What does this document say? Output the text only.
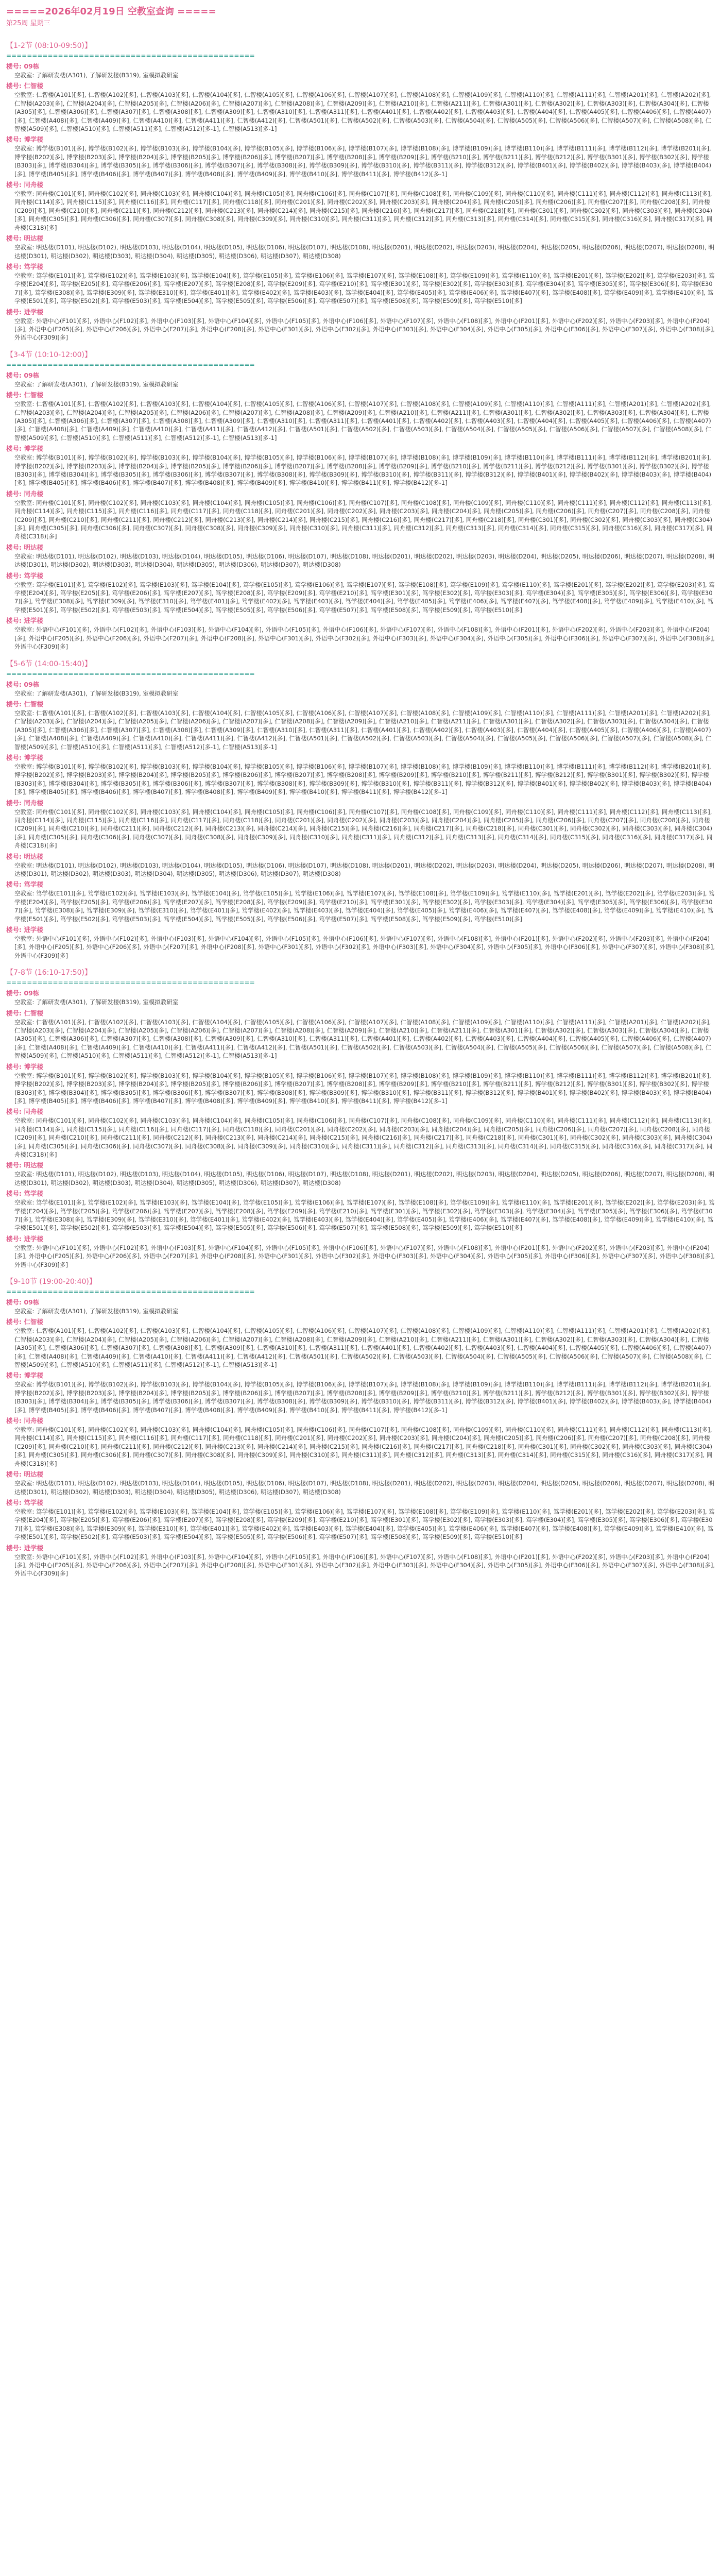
=====2026年02月19日 空教室查询 =====
第25周 星期三
【1-2节 (08:10-09:50)】
================================================
楼号: 09栋
空教室: 了解研发楼(A301), 了解研发楼(B319), 室模拟教研室
楼号: 仁智楼
空教室: 仁智楼(A101)[多], 仁智楼(A102)[多], 仁智楼(A103)[多], 仁智楼(A104)[多], 仁智楼(A105)[多], 仁智楼(A106)[多], 仁智楼(A107)[多], 仁智楼(A108)[多], 仁智楼(A109)[多], 仁智楼(A110)[多], 仁智楼(A111)[多], 仁智楼(A201)[多], 仁智楼(A202)[多], 仁智楼(A203)[多], 仁智楼(A204)[多], 仁智楼(A205)[多], 仁智楼(A206)[多], 仁智楼(A207)[多], 仁智楼(A208)[多], 仁智楼(A209)[多], 仁智楼(A210)[多], 仁智楼(A211)[多], 仁智楼(A301)[多], 仁智楼(A302)[多], 仁智楼(A303)[多], 仁智楼(A304)[多], 仁智楼(A305)[多], 仁智楼(A306)[多], 仁智楼(A307)[多], 仁智楼(A308)[多], 仁智楼(A309)[多], 仁智楼(A310)[多], 仁智楼(A311)[多], 仁智楼(A401)[多], 仁智楼(A402)[多], 仁智楼(A403)[多], 仁智楼(A404)[多], 仁智楼(A405)[多], 仁智楼(A406)[多], 仁智楼(A407)[多], 仁智楼(A408)[多], 仁智楼(A409)[多], 仁智楼(A410)[多], 仁智楼(A411)[多], 仁智楼(A412)[多], 仁智楼(A501)[多], 仁智楼(A502)[多], 仁智楼(A503)[多], 仁智楼(A504)[多], 仁智楼(A505)[多], 仁智楼(A506)[多], 仁智楼(A507)[多], 仁智楼(A508)[多], 仁智楼(A509)[多], 仁智楼(A510)[多], 仁智楼(A511)[多], 仁智楼(A512)[多-1], 仁智楼(A513)[多-1]
楼号: 博学楼
空教室: 博学楼(B101)[多], 博学楼(B102)[多], 博学楼(B103)[多], 博学楼(B104)[多], 博学楼(B105)[多], 博学楼(B106)[多], 博学楼(B107)[多], 博学楼(B108)[多], 博学楼(B109)[多], 博学楼(B110)[多], 博学楼(B111)[多], 博学楼(B112)[多], 博学楼(B201)[多], 博学楼(B202)[多], 博学楼(B203)[多], 博学楼(B204)[多], 博学楼(B205)[多], 博学楼(B206)[多], 博学楼(B207)[多], 博学楼(B208)[多], 博学楼(B209)[多], 博学楼(B210)[多], 博学楼(B211)[多], 博学楼(B212)[多], 博学楼(B301)[多], 博学楼(B302)[多], 博学楼(B303)[多], 博学楼(B304)[多], 博学楼(B305)[多], 博学楼(B306)[多], 博学楼(B307)[多], 博学楼(B308)[多], 博学楼(B309)[多], 博学楼(B310)[多], 博学楼(B311)[多], 博学楼(B312)[多], 博学楼(B401)[多], 博学楼(B402)[多], 博学楼(B403)[多], 博学楼(B404)[多], 博学楼(B405)[多], 博学楼(B406)[多], 博学楼(B407)[多], 博学楼(B408)[多], 博学楼(B409)[多], 博学楼(B410)[多], 博学楼(B411)[多], 博学楼(B412)[多-1]
楼号: 同舟楼
空教室: 同舟楼(C101)[多], 同舟楼(C102)[多], 同舟楼(C103)[多], 同舟楼(C104)[多], 同舟楼(C105)[多], 同舟楼(C106)[多], 同舟楼(C107)[多], 同舟楼(C108)[多], 同舟楼(C109)[多], 同舟楼(C110)[多], 同舟楼(C111)[多], 同舟楼(C112)[多], 同舟楼(C113)[多], 同舟楼(C114)[多], 同舟楼(C115)[多], 同舟楼(C116)[多], 同舟楼(C117)[多], 同舟楼(C118)[多], 同舟楼(C201)[多], 同舟楼(C202)[多], 同舟楼(C203)[多], 同舟楼(C204)[多], 同舟楼(C205)[多], 同舟楼(C206)[多], 同舟楼(C207)[多], 同舟楼(C208)[多], 同舟楼(C209)[多], 同舟楼(C210)[多], 同舟楼(C211)[多], 同舟楼(C212)[多], 同舟楼(C213)[多], 同舟楼(C214)[多], 同舟楼(C215)[多], 同舟楼(C216)[多], 同舟楼(C217)[多], 同舟楼(C218)[多], 同舟楼(C301)[多], 同舟楼(C302)[多], 同舟楼(C303)[多], 同舟楼(C304)[多], 同舟楼(C305)[多], 同舟楼(C306)[多], 同舟楼(C307)[多], 同舟楼(C308)[多], 同舟楼(C309)[多], 同舟楼(C310)[多], 同舟楼(C311)[多], 同舟楼(C312)[多], 同舟楼(C313)[多], 同舟楼(C314)[多], 同舟楼(C315)[多], 同舟楼(C316)[多], 同舟楼(C317)[多], 同舟楼(C318)[多]
楼号: 明达楼
空教室: 明达楼(D101), 明达楼(D102), 明达楼(D103), 明达楼(D104), 明达楼(D105), 明达楼(D106), 明达楼(D107), 明达楼(D108), 明达楼(D201), 明达楼(D202), 明达楼(D203), 明达楼(D204), 明达楼(D205), 明达楼(D206), 明达楼(D207), 明达楼(D208), 明达楼(D301), 明达楼(D302), 明达楼(D303), 明达楼(D304), 明达楼(D305), 明达楼(D306), 明达楼(D307), 明达楼(D308)
楼号: 笃学楼
空教室: 笃学楼(E101)[多], 笃学楼(E102)[多], 笃学楼(E103)[多], 笃学楼(E104)[多], 笃学楼(E105)[多], 笃学楼(E106)[多], 笃学楼(E107)[多], 笃学楼(E108)[多], 笃学楼(E109)[多], 笃学楼(E110)[多], 笃学楼(E201)[多], 笃学楼(E202)[多], 笃学楼(E203)[多], 笃学楼(E204)[多], 笃学楼(E205)[多], 笃学楼(E206)[多], 笃学楼(E207)[多], 笃学楼(E208)[多], 笃学楼(E209)[多], 笃学楼(E210)[多], 笃学楼(E301)[多], 笃学楼(E302)[多], 笃学楼(E303)[多], 笃学楼(E304)[多], 笃学楼(E305)[多], 笃学楼(E306)[多], 笃学楼(E307)[多], 笃学楼(E308)[多], 笃学楼(E309)[多], 笃学楼(E310)[多], 笃学楼(E401)[多], 笃学楼(E402)[多], 笃学楼(E403)[多], 笃学楼(E404)[多], 笃学楼(E405)[多], 笃学楼(E406)[多], 笃学楼(E407)[多], 笃学楼(E408)[多], 笃学楼(E409)[多], 笃学楼(E410)[多], 笃学楼(E501)[多], 笃学楼(E502)[多], 笃学楼(E503)[多], 笃学楼(E504)[多], 笃学楼(E505)[多], 笃学楼(E506)[多], 笃学楼(E507)[多], 笃学楼(E508)[多], 笃学楼(E509)[多], 笃学楼(E510)[多]
楼号: 进学楼
空教室: 外语中心(F101)[多], 外语中心(F102)[多], 外语中心(F103)[多], 外语中心(F104)[多], 外语中心(F105)[多], 外语中心(F106)[多], 外语中心(F107)[多], 外语中心(F108)[多], 外语中心(F201)[多], 外语中心(F202)[多], 外语中心(F203)[多], 外语中心(F204)[多], 外语中心(F205)[多], 外语中心(F206)[多], 外语中心(F207)[多], 外语中心(F208)[多], 外语中心(F301)[多], 外语中心(F302)[多], 外语中心(F303)[多], 外语中心(F304)[多], 外语中心(F305)[多], 外语中心(F306)[多], 外语中心(F307)[多], 外语中心(F308)[多], 外语中心(F309)[多]
【3-4节 (10:10-12:00)】
================================================
楼号: 09栋
空教室: 了解研发楼(A301), 了解研发楼(B319), 室模拟教研室
楼号: 仁智楼
空教室: 仁智楼(A101)[多], 仁智楼(A102)[多], 仁智楼(A103)[多], 仁智楼(A104)[多], 仁智楼(A105)[多], 仁智楼(A106)[多], 仁智楼(A107)[多], 仁智楼(A108)[多], 仁智楼(A109)[多], 仁智楼(A110)[多], 仁智楼(A111)[多], 仁智楼(A201)[多], 仁智楼(A202)[多], 仁智楼(A203)[多], 仁智楼(A204)[多], 仁智楼(A205)[多], 仁智楼(A206)[多], 仁智楼(A207)[多], 仁智楼(A208)[多], 仁智楼(A209)[多], 仁智楼(A210)[多], 仁智楼(A211)[多], 仁智楼(A301)[多], 仁智楼(A302)[多], 仁智楼(A303)[多], 仁智楼(A304)[多], 仁智楼(A305)[多], 仁智楼(A306)[多], 仁智楼(A307)[多], 仁智楼(A308)[多], 仁智楼(A309)[多], 仁智楼(A310)[多], 仁智楼(A311)[多], 仁智楼(A401)[多], 仁智楼(A402)[多], 仁智楼(A403)[多], 仁智楼(A404)[多], 仁智楼(A405)[多], 仁智楼(A406)[多], 仁智楼(A407)[多], 仁智楼(A408)[多], 仁智楼(A409)[多], 仁智楼(A410)[多], 仁智楼(A411)[多], 仁智楼(A412)[多], 仁智楼(A501)[多], 仁智楼(A502)[多], 仁智楼(A503)[多], 仁智楼(A504)[多], 仁智楼(A505)[多], 仁智楼(A506)[多], 仁智楼(A507)[多], 仁智楼(A508)[多], 仁智楼(A509)[多], 仁智楼(A510)[多], 仁智楼(A511)[多], 仁智楼(A512)[多-1], 仁智楼(A513)[多-1]
楼号: 博学楼
空教室: 博学楼(B101)[多], 博学楼(B102)[多], 博学楼(B103)[多], 博学楼(B104)[多], 博学楼(B105)[多], 博学楼(B106)[多], 博学楼(B107)[多], 博学楼(B108)[多], 博学楼(B109)[多], 博学楼(B110)[多], 博学楼(B111)[多], 博学楼(B112)[多], 博学楼(B201)[多], 博学楼(B202)[多], 博学楼(B203)[多], 博学楼(B204)[多], 博学楼(B205)[多], 博学楼(B206)[多], 博学楼(B207)[多], 博学楼(B208)[多], 博学楼(B209)[多], 博学楼(B210)[多], 博学楼(B211)[多], 博学楼(B212)[多], 博学楼(B301)[多], 博学楼(B302)[多], 博学楼(B303)[多], 博学楼(B304)[多], 博学楼(B305)[多], 博学楼(B306)[多], 博学楼(B307)[多], 博学楼(B308)[多], 博学楼(B309)[多], 博学楼(B310)[多], 博学楼(B311)[多], 博学楼(B312)[多], 博学楼(B401)[多], 博学楼(B402)[多], 博学楼(B403)[多], 博学楼(B404)[多], 博学楼(B405)[多], 博学楼(B406)[多], 博学楼(B407)[多], 博学楼(B408)[多], 博学楼(B409)[多], 博学楼(B410)[多], 博学楼(B411)[多], 博学楼(B412)[多-1]
楼号: 同舟楼
空教室: 同舟楼(C101)[多], 同舟楼(C102)[多], 同舟楼(C103)[多], 同舟楼(C104)[多], 同舟楼(C105)[多], 同舟楼(C106)[多], 同舟楼(C107)[多], 同舟楼(C108)[多], 同舟楼(C109)[多], 同舟楼(C110)[多], 同舟楼(C111)[多], 同舟楼(C112)[多], 同舟楼(C113)[多], 同舟楼(C114)[多], 同舟楼(C115)[多], 同舟楼(C116)[多], 同舟楼(C117)[多], 同舟楼(C118)[多], 同舟楼(C201)[多], 同舟楼(C202)[多], 同舟楼(C203)[多], 同舟楼(C204)[多], 同舟楼(C205)[多], 同舟楼(C206)[多], 同舟楼(C207)[多], 同舟楼(C208)[多], 同舟楼(C209)[多], 同舟楼(C210)[多], 同舟楼(C211)[多], 同舟楼(C212)[多], 同舟楼(C213)[多], 同舟楼(C214)[多], 同舟楼(C215)[多], 同舟楼(C216)[多], 同舟楼(C217)[多], 同舟楼(C218)[多], 同舟楼(C301)[多], 同舟楼(C302)[多], 同舟楼(C303)[多], 同舟楼(C304)[多], 同舟楼(C305)[多], 同舟楼(C306)[多], 同舟楼(C307)[多], 同舟楼(C308)[多], 同舟楼(C309)[多], 同舟楼(C310)[多], 同舟楼(C311)[多], 同舟楼(C312)[多], 同舟楼(C313)[多], 同舟楼(C314)[多], 同舟楼(C315)[多], 同舟楼(C316)[多], 同舟楼(C317)[多], 同舟楼(C318)[多]
楼号: 明达楼
空教室: 明达楼(D101), 明达楼(D102), 明达楼(D103), 明达楼(D104), 明达楼(D105), 明达楼(D106), 明达楼(D107), 明达楼(D108), 明达楼(D201), 明达楼(D202), 明达楼(D203), 明达楼(D204), 明达楼(D205), 明达楼(D206), 明达楼(D207), 明达楼(D208), 明达楼(D301), 明达楼(D302), 明达楼(D303), 明达楼(D304), 明达楼(D305), 明达楼(D306), 明达楼(D307), 明达楼(D308)
楼号: 笃学楼
空教室: 笃学楼(E101)[多], 笃学楼(E102)[多], 笃学楼(E103)[多], 笃学楼(E104)[多], 笃学楼(E105)[多], 笃学楼(E106)[多], 笃学楼(E107)[多], 笃学楼(E108)[多], 笃学楼(E109)[多], 笃学楼(E110)[多], 笃学楼(E201)[多], 笃学楼(E202)[多], 笃学楼(E203)[多], 笃学楼(E204)[多], 笃学楼(E205)[多], 笃学楼(E206)[多], 笃学楼(E207)[多], 笃学楼(E208)[多], 笃学楼(E209)[多], 笃学楼(E210)[多], 笃学楼(E301)[多], 笃学楼(E302)[多], 笃学楼(E303)[多], 笃学楼(E304)[多], 笃学楼(E305)[多], 笃学楼(E306)[多], 笃学楼(E307)[多], 笃学楼(E308)[多], 笃学楼(E309)[多], 笃学楼(E310)[多], 笃学楼(E401)[多], 笃学楼(E402)[多], 笃学楼(E403)[多], 笃学楼(E404)[多], 笃学楼(E405)[多], 笃学楼(E406)[多], 笃学楼(E407)[多], 笃学楼(E408)[多], 笃学楼(E409)[多], 笃学楼(E410)[多], 笃学楼(E501)[多], 笃学楼(E502)[多], 笃学楼(E503)[多], 笃学楼(E504)[多], 笃学楼(E505)[多], 笃学楼(E506)[多], 笃学楼(E507)[多], 笃学楼(E508)[多], 笃学楼(E509)[多], 笃学楼(E510)[多]
楼号: 进学楼
空教室: 外语中心(F101)[多], 外语中心(F102)[多], 外语中心(F103)[多], 外语中心(F104)[多], 外语中心(F105)[多], 外语中心(F106)[多], 外语中心(F107)[多], 外语中心(F108)[多], 外语中心(F201)[多], 外语中心(F202)[多], 外语中心(F203)[多], 外语中心(F204)[多], 外语中心(F205)[多], 外语中心(F206)[多], 外语中心(F207)[多], 外语中心(F208)[多], 外语中心(F301)[多], 外语中心(F302)[多], 外语中心(F303)[多], 外语中心(F304)[多], 外语中心(F305)[多], 外语中心(F306)[多], 外语中心(F307)[多], 外语中心(F308)[多], 外语中心(F309)[多]
【5-6节 (14:00-15:40)】
================================================
楼号: 09栋
空教室: 了解研发楼(A301), 了解研发楼(B319), 室模拟教研室
楼号: 仁智楼
空教室: 仁智楼(A101)[多], 仁智楼(A102)[多], 仁智楼(A103)[多], 仁智楼(A104)[多], 仁智楼(A105)[多], 仁智楼(A106)[多], 仁智楼(A107)[多], 仁智楼(A108)[多], 仁智楼(A109)[多], 仁智楼(A110)[多], 仁智楼(A111)[多], 仁智楼(A201)[多], 仁智楼(A202)[多], 仁智楼(A203)[多], 仁智楼(A204)[多], 仁智楼(A205)[多], 仁智楼(A206)[多], 仁智楼(A207)[多], 仁智楼(A208)[多], 仁智楼(A209)[多], 仁智楼(A210)[多], 仁智楼(A211)[多], 仁智楼(A301)[多], 仁智楼(A302)[多], 仁智楼(A303)[多], 仁智楼(A304)[多], 仁智楼(A305)[多], 仁智楼(A306)[多], 仁智楼(A307)[多], 仁智楼(A308)[多], 仁智楼(A309)[多], 仁智楼(A310)[多], 仁智楼(A311)[多], 仁智楼(A401)[多], 仁智楼(A402)[多], 仁智楼(A403)[多], 仁智楼(A404)[多], 仁智楼(A405)[多], 仁智楼(A406)[多], 仁智楼(A407)[多], 仁智楼(A408)[多], 仁智楼(A409)[多], 仁智楼(A410)[多], 仁智楼(A411)[多], 仁智楼(A412)[多], 仁智楼(A501)[多], 仁智楼(A502)[多], 仁智楼(A503)[多], 仁智楼(A504)[多], 仁智楼(A505)[多], 仁智楼(A506)[多], 仁智楼(A507)[多], 仁智楼(A508)[多], 仁智楼(A509)[多], 仁智楼(A510)[多], 仁智楼(A511)[多], 仁智楼(A512)[多-1], 仁智楼(A513)[多-1]
楼号: 博学楼
空教室: 博学楼(B101)[多], 博学楼(B102)[多], 博学楼(B103)[多], 博学楼(B104)[多], 博学楼(B105)[多], 博学楼(B106)[多], 博学楼(B107)[多], 博学楼(B108)[多], 博学楼(B109)[多], 博学楼(B110)[多], 博学楼(B111)[多], 博学楼(B112)[多], 博学楼(B201)[多], 博学楼(B202)[多], 博学楼(B203)[多], 博学楼(B204)[多], 博学楼(B205)[多], 博学楼(B206)[多], 博学楼(B207)[多], 博学楼(B208)[多], 博学楼(B209)[多], 博学楼(B210)[多], 博学楼(B211)[多], 博学楼(B212)[多], 博学楼(B301)[多], 博学楼(B302)[多], 博学楼(B303)[多], 博学楼(B304)[多], 博学楼(B305)[多], 博学楼(B306)[多], 博学楼(B307)[多], 博学楼(B308)[多], 博学楼(B309)[多], 博学楼(B310)[多], 博学楼(B311)[多], 博学楼(B312)[多], 博学楼(B401)[多], 博学楼(B402)[多], 博学楼(B403)[多], 博学楼(B404)[多], 博学楼(B405)[多], 博学楼(B406)[多], 博学楼(B407)[多], 博学楼(B408)[多], 博学楼(B409)[多], 博学楼(B410)[多], 博学楼(B411)[多], 博学楼(B412)[多-1]
楼号: 同舟楼
空教室: 同舟楼(C101)[多], 同舟楼(C102)[多], 同舟楼(C103)[多], 同舟楼(C104)[多], 同舟楼(C105)[多], 同舟楼(C106)[多], 同舟楼(C107)[多], 同舟楼(C108)[多], 同舟楼(C109)[多], 同舟楼(C110)[多], 同舟楼(C111)[多], 同舟楼(C112)[多], 同舟楼(C113)[多], 同舟楼(C114)[多], 同舟楼(C115)[多], 同舟楼(C116)[多], 同舟楼(C117)[多], 同舟楼(C118)[多], 同舟楼(C201)[多], 同舟楼(C202)[多], 同舟楼(C203)[多], 同舟楼(C204)[多], 同舟楼(C205)[多], 同舟楼(C206)[多], 同舟楼(C207)[多], 同舟楼(C208)[多], 同舟楼(C209)[多], 同舟楼(C210)[多], 同舟楼(C211)[多], 同舟楼(C212)[多], 同舟楼(C213)[多], 同舟楼(C214)[多], 同舟楼(C215)[多], 同舟楼(C216)[多], 同舟楼(C217)[多], 同舟楼(C218)[多], 同舟楼(C301)[多], 同舟楼(C302)[多], 同舟楼(C303)[多], 同舟楼(C304)[多], 同舟楼(C305)[多], 同舟楼(C306)[多], 同舟楼(C307)[多], 同舟楼(C308)[多], 同舟楼(C309)[多], 同舟楼(C310)[多], 同舟楼(C311)[多], 同舟楼(C312)[多], 同舟楼(C313)[多], 同舟楼(C314)[多], 同舟楼(C315)[多], 同舟楼(C316)[多], 同舟楼(C317)[多], 同舟楼(C318)[多]
楼号: 明达楼
空教室: 明达楼(D101), 明达楼(D102), 明达楼(D103), 明达楼(D104), 明达楼(D105), 明达楼(D106), 明达楼(D107), 明达楼(D108), 明达楼(D201), 明达楼(D202), 明达楼(D203), 明达楼(D204), 明达楼(D205), 明达楼(D206), 明达楼(D207), 明达楼(D208), 明达楼(D301), 明达楼(D302), 明达楼(D303), 明达楼(D304), 明达楼(D305), 明达楼(D306), 明达楼(D307), 明达楼(D308)
楼号: 笃学楼
空教室: 笃学楼(E101)[多], 笃学楼(E102)[多], 笃学楼(E103)[多], 笃学楼(E104)[多], 笃学楼(E105)[多], 笃学楼(E106)[多], 笃学楼(E107)[多], 笃学楼(E108)[多], 笃学楼(E109)[多], 笃学楼(E110)[多], 笃学楼(E201)[多], 笃学楼(E202)[多], 笃学楼(E203)[多], 笃学楼(E204)[多], 笃学楼(E205)[多], 笃学楼(E206)[多], 笃学楼(E207)[多], 笃学楼(E208)[多], 笃学楼(E209)[多], 笃学楼(E210)[多], 笃学楼(E301)[多], 笃学楼(E302)[多], 笃学楼(E303)[多], 笃学楼(E304)[多], 笃学楼(E305)[多], 笃学楼(E306)[多], 笃学楼(E307)[多], 笃学楼(E308)[多], 笃学楼(E309)[多], 笃学楼(E310)[多], 笃学楼(E401)[多], 笃学楼(E402)[多], 笃学楼(E403)[多], 笃学楼(E404)[多], 笃学楼(E405)[多], 笃学楼(E406)[多], 笃学楼(E407)[多], 笃学楼(E408)[多], 笃学楼(E409)[多], 笃学楼(E410)[多], 笃学楼(E501)[多], 笃学楼(E502)[多], 笃学楼(E503)[多], 笃学楼(E504)[多], 笃学楼(E505)[多], 笃学楼(E506)[多], 笃学楼(E507)[多], 笃学楼(E508)[多], 笃学楼(E509)[多], 笃学楼(E510)[多]
楼号: 进学楼
空教室: 外语中心(F101)[多], 外语中心(F102)[多], 外语中心(F103)[多], 外语中心(F104)[多], 外语中心(F105)[多], 外语中心(F106)[多], 外语中心(F107)[多], 外语中心(F108)[多], 外语中心(F201)[多], 外语中心(F202)[多], 外语中心(F203)[多], 外语中心(F204)[多], 外语中心(F205)[多], 外语中心(F206)[多], 外语中心(F207)[多], 外语中心(F208)[多], 外语中心(F301)[多], 外语中心(F302)[多], 外语中心(F303)[多], 外语中心(F304)[多], 外语中心(F305)[多], 外语中心(F306)[多], 外语中心(F307)[多], 外语中心(F308)[多], 外语中心(F309)[多]
【7-8节 (16:10-17:50)】
================================================
楼号: 09栋
空教室: 了解研发楼(A301), 了解研发楼(B319), 室模拟教研室
楼号: 仁智楼
空教室: 仁智楼(A101)[多], 仁智楼(A102)[多], 仁智楼(A103)[多], 仁智楼(A104)[多], 仁智楼(A105)[多], 仁智楼(A106)[多], 仁智楼(A107)[多], 仁智楼(A108)[多], 仁智楼(A109)[多], 仁智楼(A110)[多], 仁智楼(A111)[多], 仁智楼(A201)[多], 仁智楼(A202)[多], 仁智楼(A203)[多], 仁智楼(A204)[多], 仁智楼(A205)[多], 仁智楼(A206)[多], 仁智楼(A207)[多], 仁智楼(A208)[多], 仁智楼(A209)[多], 仁智楼(A210)[多], 仁智楼(A211)[多], 仁智楼(A301)[多], 仁智楼(A302)[多], 仁智楼(A303)[多], 仁智楼(A304)[多], 仁智楼(A305)[多], 仁智楼(A306)[多], 仁智楼(A307)[多], 仁智楼(A308)[多], 仁智楼(A309)[多], 仁智楼(A310)[多], 仁智楼(A311)[多], 仁智楼(A401)[多], 仁智楼(A402)[多], 仁智楼(A403)[多], 仁智楼(A404)[多], 仁智楼(A405)[多], 仁智楼(A406)[多], 仁智楼(A407)[多], 仁智楼(A408)[多], 仁智楼(A409)[多], 仁智楼(A410)[多], 仁智楼(A411)[多], 仁智楼(A412)[多], 仁智楼(A501)[多], 仁智楼(A502)[多], 仁智楼(A503)[多], 仁智楼(A504)[多], 仁智楼(A505)[多], 仁智楼(A506)[多], 仁智楼(A507)[多], 仁智楼(A508)[多], 仁智楼(A509)[多], 仁智楼(A510)[多], 仁智楼(A511)[多], 仁智楼(A512)[多-1], 仁智楼(A513)[多-1]
楼号: 博学楼
空教室: 博学楼(B101)[多], 博学楼(B102)[多], 博学楼(B103)[多], 博学楼(B104)[多], 博学楼(B105)[多], 博学楼(B106)[多], 博学楼(B107)[多], 博学楼(B108)[多], 博学楼(B109)[多], 博学楼(B110)[多], 博学楼(B111)[多], 博学楼(B112)[多], 博学楼(B201)[多], 博学楼(B202)[多], 博学楼(B203)[多], 博学楼(B204)[多], 博学楼(B205)[多], 博学楼(B206)[多], 博学楼(B207)[多], 博学楼(B208)[多], 博学楼(B209)[多], 博学楼(B210)[多], 博学楼(B211)[多], 博学楼(B212)[多], 博学楼(B301)[多], 博学楼(B302)[多], 博学楼(B303)[多], 博学楼(B304)[多], 博学楼(B305)[多], 博学楼(B306)[多], 博学楼(B307)[多], 博学楼(B308)[多], 博学楼(B309)[多], 博学楼(B310)[多], 博学楼(B311)[多], 博学楼(B312)[多], 博学楼(B401)[多], 博学楼(B402)[多], 博学楼(B403)[多], 博学楼(B404)[多], 博学楼(B405)[多], 博学楼(B406)[多], 博学楼(B407)[多], 博学楼(B408)[多], 博学楼(B409)[多], 博学楼(B410)[多], 博学楼(B411)[多], 博学楼(B412)[多-1]
楼号: 同舟楼
空教室: 同舟楼(C101)[多], 同舟楼(C102)[多], 同舟楼(C103)[多], 同舟楼(C104)[多], 同舟楼(C105)[多], 同舟楼(C106)[多], 同舟楼(C107)[多], 同舟楼(C108)[多], 同舟楼(C109)[多], 同舟楼(C110)[多], 同舟楼(C111)[多], 同舟楼(C112)[多], 同舟楼(C113)[多], 同舟楼(C114)[多], 同舟楼(C115)[多], 同舟楼(C116)[多], 同舟楼(C117)[多], 同舟楼(C118)[多], 同舟楼(C201)[多], 同舟楼(C202)[多], 同舟楼(C203)[多], 同舟楼(C204)[多], 同舟楼(C205)[多], 同舟楼(C206)[多], 同舟楼(C207)[多], 同舟楼(C208)[多], 同舟楼(C209)[多], 同舟楼(C210)[多], 同舟楼(C211)[多], 同舟楼(C212)[多], 同舟楼(C213)[多], 同舟楼(C214)[多], 同舟楼(C215)[多], 同舟楼(C216)[多], 同舟楼(C217)[多], 同舟楼(C218)[多], 同舟楼(C301)[多], 同舟楼(C302)[多], 同舟楼(C303)[多], 同舟楼(C304)[多], 同舟楼(C305)[多], 同舟楼(C306)[多], 同舟楼(C307)[多], 同舟楼(C308)[多], 同舟楼(C309)[多], 同舟楼(C310)[多], 同舟楼(C311)[多], 同舟楼(C312)[多], 同舟楼(C313)[多], 同舟楼(C314)[多], 同舟楼(C315)[多], 同舟楼(C316)[多], 同舟楼(C317)[多], 同舟楼(C318)[多]
楼号: 明达楼
空教室: 明达楼(D101), 明达楼(D102), 明达楼(D103), 明达楼(D104), 明达楼(D105), 明达楼(D106), 明达楼(D107), 明达楼(D108), 明达楼(D201), 明达楼(D202), 明达楼(D203), 明达楼(D204), 明达楼(D205), 明达楼(D206), 明达楼(D207), 明达楼(D208), 明达楼(D301), 明达楼(D302), 明达楼(D303), 明达楼(D304), 明达楼(D305), 明达楼(D306), 明达楼(D307), 明达楼(D308)
楼号: 笃学楼
空教室: 笃学楼(E101)[多], 笃学楼(E102)[多], 笃学楼(E103)[多], 笃学楼(E104)[多], 笃学楼(E105)[多], 笃学楼(E106)[多], 笃学楼(E107)[多], 笃学楼(E108)[多], 笃学楼(E109)[多], 笃学楼(E110)[多], 笃学楼(E201)[多], 笃学楼(E202)[多], 笃学楼(E203)[多], 笃学楼(E204)[多], 笃学楼(E205)[多], 笃学楼(E206)[多], 笃学楼(E207)[多], 笃学楼(E208)[多], 笃学楼(E209)[多], 笃学楼(E210)[多], 笃学楼(E301)[多], 笃学楼(E302)[多], 笃学楼(E303)[多], 笃学楼(E304)[多], 笃学楼(E305)[多], 笃学楼(E306)[多], 笃学楼(E307)[多], 笃学楼(E308)[多], 笃学楼(E309)[多], 笃学楼(E310)[多], 笃学楼(E401)[多], 笃学楼(E402)[多], 笃学楼(E403)[多], 笃学楼(E404)[多], 笃学楼(E405)[多], 笃学楼(E406)[多], 笃学楼(E407)[多], 笃学楼(E408)[多], 笃学楼(E409)[多], 笃学楼(E410)[多], 笃学楼(E501)[多], 笃学楼(E502)[多], 笃学楼(E503)[多], 笃学楼(E504)[多], 笃学楼(E505)[多], 笃学楼(E506)[多], 笃学楼(E507)[多], 笃学楼(E508)[多], 笃学楼(E509)[多], 笃学楼(E510)[多]
楼号: 进学楼
空教室: 外语中心(F101)[多], 外语中心(F102)[多], 外语中心(F103)[多], 外语中心(F104)[多], 外语中心(F105)[多], 外语中心(F106)[多], 外语中心(F107)[多], 外语中心(F108)[多], 外语中心(F201)[多], 外语中心(F202)[多], 外语中心(F203)[多], 外语中心(F204)[多], 外语中心(F205)[多], 外语中心(F206)[多], 外语中心(F207)[多], 外语中心(F208)[多], 外语中心(F301)[多], 外语中心(F302)[多], 外语中心(F303)[多], 外语中心(F304)[多], 外语中心(F305)[多], 外语中心(F306)[多], 外语中心(F307)[多], 外语中心(F308)[多], 外语中心(F309)[多]
【9-10节 (19:00-20:40)】
================================================
楼号: 09栋
空教室: 了解研发楼(A301), 了解研发楼(B319), 室模拟教研室
楼号: 仁智楼
空教室: 仁智楼(A101)[多], 仁智楼(A102)[多], 仁智楼(A103)[多], 仁智楼(A104)[多], 仁智楼(A105)[多], 仁智楼(A106)[多], 仁智楼(A107)[多], 仁智楼(A108)[多], 仁智楼(A109)[多], 仁智楼(A110)[多], 仁智楼(A111)[多], 仁智楼(A201)[多], 仁智楼(A202)[多], 仁智楼(A203)[多], 仁智楼(A204)[多], 仁智楼(A205)[多], 仁智楼(A206)[多], 仁智楼(A207)[多], 仁智楼(A208)[多], 仁智楼(A209)[多], 仁智楼(A210)[多], 仁智楼(A211)[多], 仁智楼(A301)[多], 仁智楼(A302)[多], 仁智楼(A303)[多], 仁智楼(A304)[多], 仁智楼(A305)[多], 仁智楼(A306)[多], 仁智楼(A307)[多], 仁智楼(A308)[多], 仁智楼(A309)[多], 仁智楼(A310)[多], 仁智楼(A311)[多], 仁智楼(A401)[多], 仁智楼(A402)[多], 仁智楼(A403)[多], 仁智楼(A404)[多], 仁智楼(A405)[多], 仁智楼(A406)[多], 仁智楼(A407)[多], 仁智楼(A408)[多], 仁智楼(A409)[多], 仁智楼(A410)[多], 仁智楼(A411)[多], 仁智楼(A412)[多], 仁智楼(A501)[多], 仁智楼(A502)[多], 仁智楼(A503)[多], 仁智楼(A504)[多], 仁智楼(A505)[多], 仁智楼(A506)[多], 仁智楼(A507)[多], 仁智楼(A508)[多], 仁智楼(A509)[多], 仁智楼(A510)[多], 仁智楼(A511)[多], 仁智楼(A512)[多-1], 仁智楼(A513)[多-1]
楼号: 博学楼
空教室: 博学楼(B101)[多], 博学楼(B102)[多], 博学楼(B103)[多], 博学楼(B104)[多], 博学楼(B105)[多], 博学楼(B106)[多], 博学楼(B107)[多], 博学楼(B108)[多], 博学楼(B109)[多], 博学楼(B110)[多], 博学楼(B111)[多], 博学楼(B112)[多], 博学楼(B201)[多], 博学楼(B202)[多], 博学楼(B203)[多], 博学楼(B204)[多], 博学楼(B205)[多], 博学楼(B206)[多], 博学楼(B207)[多], 博学楼(B208)[多], 博学楼(B209)[多], 博学楼(B210)[多], 博学楼(B211)[多], 博学楼(B212)[多], 博学楼(B301)[多], 博学楼(B302)[多], 博学楼(B303)[多], 博学楼(B304)[多], 博学楼(B305)[多], 博学楼(B306)[多], 博学楼(B307)[多], 博学楼(B308)[多], 博学楼(B309)[多], 博学楼(B310)[多], 博学楼(B311)[多], 博学楼(B312)[多], 博学楼(B401)[多], 博学楼(B402)[多], 博学楼(B403)[多], 博学楼(B404)[多], 博学楼(B405)[多], 博学楼(B406)[多], 博学楼(B407)[多], 博学楼(B408)[多], 博学楼(B409)[多], 博学楼(B410)[多], 博学楼(B411)[多], 博学楼(B412)[多-1]
楼号: 同舟楼
空教室: 同舟楼(C101)[多], 同舟楼(C102)[多], 同舟楼(C103)[多], 同舟楼(C104)[多], 同舟楼(C105)[多], 同舟楼(C106)[多], 同舟楼(C107)[多], 同舟楼(C108)[多], 同舟楼(C109)[多], 同舟楼(C110)[多], 同舟楼(C111)[多], 同舟楼(C112)[多], 同舟楼(C113)[多], 同舟楼(C114)[多], 同舟楼(C115)[多], 同舟楼(C116)[多], 同舟楼(C117)[多], 同舟楼(C118)[多], 同舟楼(C201)[多], 同舟楼(C202)[多], 同舟楼(C203)[多], 同舟楼(C204)[多], 同舟楼(C205)[多], 同舟楼(C206)[多], 同舟楼(C207)[多], 同舟楼(C208)[多], 同舟楼(C209)[多], 同舟楼(C210)[多], 同舟楼(C211)[多], 同舟楼(C212)[多], 同舟楼(C213)[多], 同舟楼(C214)[多], 同舟楼(C215)[多], 同舟楼(C216)[多], 同舟楼(C217)[多], 同舟楼(C218)[多], 同舟楼(C301)[多], 同舟楼(C302)[多], 同舟楼(C303)[多], 同舟楼(C304)[多], 同舟楼(C305)[多], 同舟楼(C306)[多], 同舟楼(C307)[多], 同舟楼(C308)[多], 同舟楼(C309)[多], 同舟楼(C310)[多], 同舟楼(C311)[多], 同舟楼(C312)[多], 同舟楼(C313)[多], 同舟楼(C314)[多], 同舟楼(C315)[多], 同舟楼(C316)[多], 同舟楼(C317)[多], 同舟楼(C318)[多]
楼号: 明达楼
空教室: 明达楼(D101), 明达楼(D102), 明达楼(D103), 明达楼(D104), 明达楼(D105), 明达楼(D106), 明达楼(D107), 明达楼(D108), 明达楼(D201), 明达楼(D202), 明达楼(D203), 明达楼(D204), 明达楼(D205), 明达楼(D206), 明达楼(D207), 明达楼(D208), 明达楼(D301), 明达楼(D302), 明达楼(D303), 明达楼(D304), 明达楼(D305), 明达楼(D306), 明达楼(D307), 明达楼(D308)
楼号: 笃学楼
空教室: 笃学楼(E101)[多], 笃学楼(E102)[多], 笃学楼(E103)[多], 笃学楼(E104)[多], 笃学楼(E105)[多], 笃学楼(E106)[多], 笃学楼(E107)[多], 笃学楼(E108)[多], 笃学楼(E109)[多], 笃学楼(E110)[多], 笃学楼(E201)[多], 笃学楼(E202)[多], 笃学楼(E203)[多], 笃学楼(E204)[多], 笃学楼(E205)[多], 笃学楼(E206)[多], 笃学楼(E207)[多], 笃学楼(E208)[多], 笃学楼(E209)[多], 笃学楼(E210)[多], 笃学楼(E301)[多], 笃学楼(E302)[多], 笃学楼(E303)[多], 笃学楼(E304)[多], 笃学楼(E305)[多], 笃学楼(E306)[多], 笃学楼(E307)[多], 笃学楼(E308)[多], 笃学楼(E309)[多], 笃学楼(E310)[多], 笃学楼(E401)[多], 笃学楼(E402)[多], 笃学楼(E403)[多], 笃学楼(E404)[多], 笃学楼(E405)[多], 笃学楼(E406)[多], 笃学楼(E407)[多], 笃学楼(E408)[多], 笃学楼(E409)[多], 笃学楼(E410)[多], 笃学楼(E501)[多], 笃学楼(E502)[多], 笃学楼(E503)[多], 笃学楼(E504)[多], 笃学楼(E505)[多], 笃学楼(E506)[多], 笃学楼(E507)[多], 笃学楼(E508)[多], 笃学楼(E509)[多], 笃学楼(E510)[多]
楼号: 进学楼
空教室: 外语中心(F101)[多], 外语中心(F102)[多], 外语中心(F103)[多], 外语中心(F104)[多], 外语中心(F105)[多], 外语中心(F106)[多], 外语中心(F107)[多], 外语中心(F108)[多], 外语中心(F201)[多], 外语中心(F202)[多], 外语中心(F203)[多], 外语中心(F204)[多], 外语中心(F205)[多], 外语中心(F206)[多], 外语中心(F207)[多], 外语中心(F208)[多], 外语中心(F301)[多], 外语中心(F302)[多], 外语中心(F303)[多], 外语中心(F304)[多], 外语中心(F305)[多], 外语中心(F306)[多], 外语中心(F307)[多], 外语中心(F308)[多], 外语中心(F309)[多]
